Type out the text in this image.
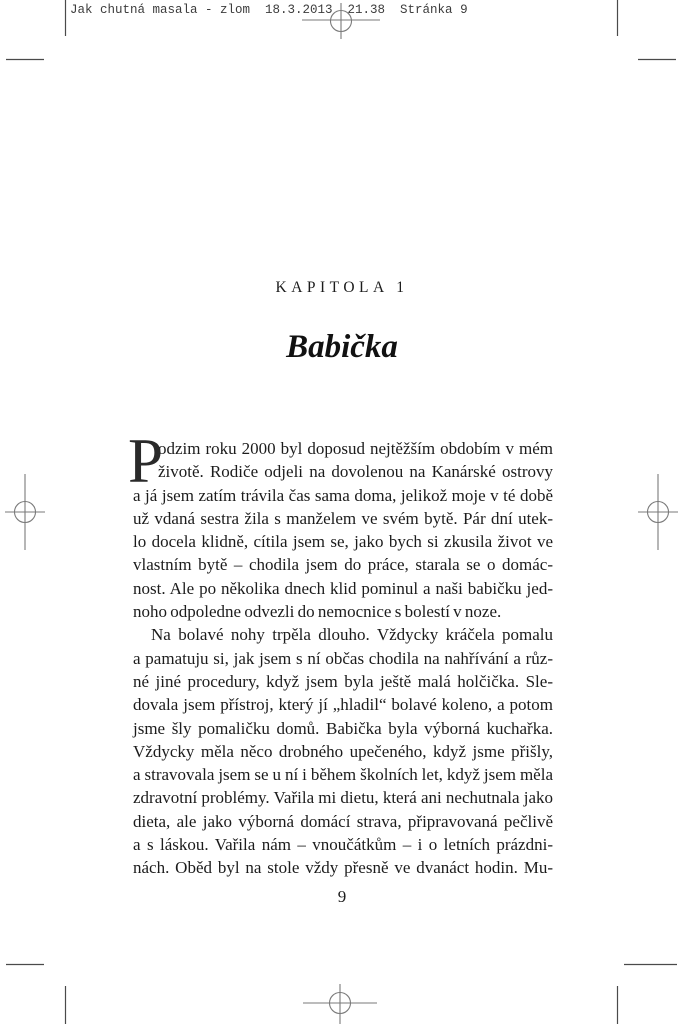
Jak chutná masala - zlom  18.3.2013  21.38  Stránka 9
KAPITOLA 1
Babička
P
odzim roku 2000 byl doposud nejtěžším obdobím v mém
životě. Rodiče odjeli na dovolenou na Kanárské ostrovy
a já jsem zatím trávila čas sama doma, jelikož moje v té době
už vdaná sestra žila s manželem ve svém bytě. Pár dní utek-
lo docela klidně, cítila jsem se, jako bych si zkusila život ve
vlastním bytě – chodila jsem do práce, starala se o domác-
nost. Ale po několika dnech klid pominul a naši babičku jed-
noho odpoledne odvezli do nemocnice s bolestí v noze.
Na bolavé nohy trpěla dlouho. Vždycky kráčela pomalu
a pamatuju si, jak jsem s ní občas chodila na nahřívání a růz-
né jiné procedury, když jsem byla ještě malá holčička. Sle-
dovala jsem přístroj, který jí „hladil“ bolavé koleno, a potom
jsme šly pomaličku domů. Babička byla výborná kuchařka.
Vždycky měla něco drobného upečeného, když jsme přišly,
a stravovala jsem se u ní i během školních let, když jsem měla
zdravotní problémy. Vařila mi dietu, která ani nechutnala jako
dieta, ale jako výborná domácí strava, připravovaná pečlivě
a s láskou. Vařila nám – vnoučátkům – i o letních prázdni-
nách. Oběd byl na stole vždy přesně ve dvanáct hodin. Mu-
9
